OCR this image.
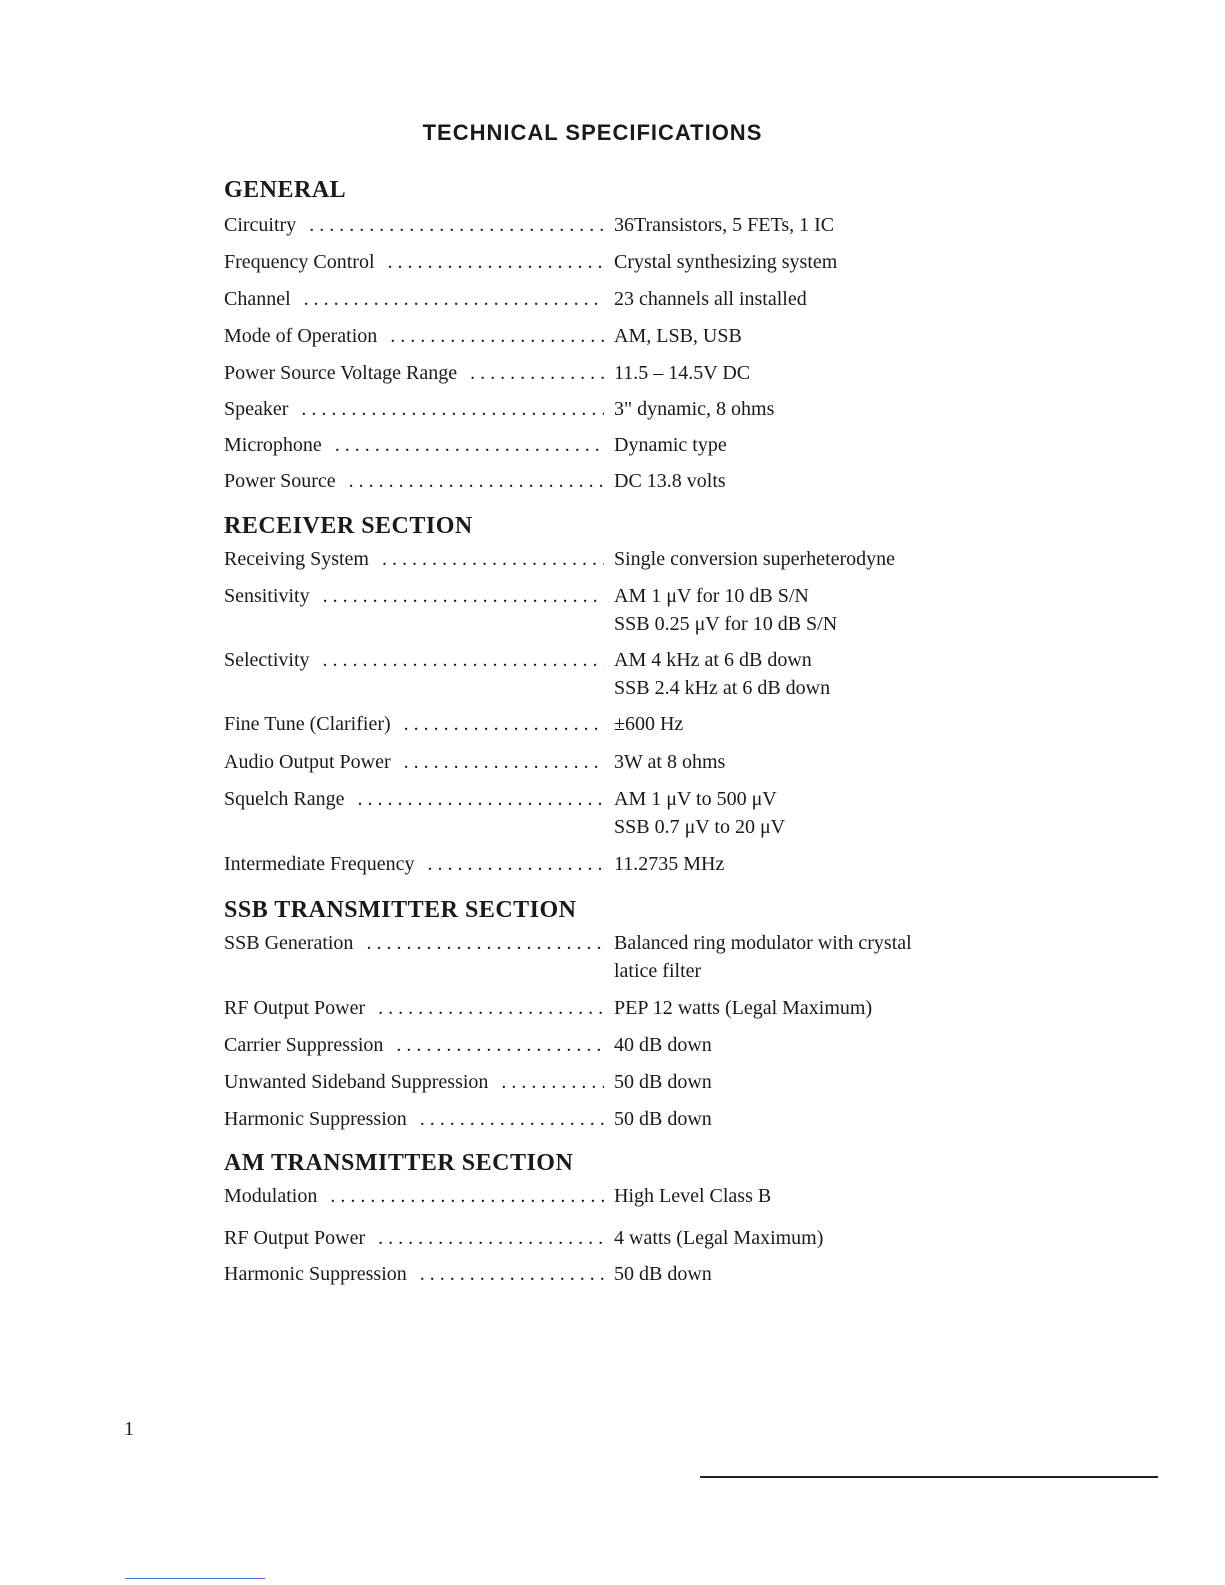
TECHNICAL SPECIFICATIONS
GENERAL
Circuitry . . .	36Transistors, 5 FETs, 1 IC
Frequency Control . . .	Crystal synthesizing system
Channel . . .	23 channels all installed
Mode of Operation . . .	AM, LSB, USB
Power Source Voltage Range . . .	11.5 – 14.5V DC
Speaker . . .	3" dynamic, 8 ohms
Microphone . . .	Dynamic type
Power Source . . .	DC 13.8 volts
RECEIVER SECTION
Receiving System . . .	Single conversion superheterodyne
Sensitivity . . .	AM 1 μV for 10 dB S/N
SSB 0.25 μV for 10 dB S/N
Selectivity . . .	AM 4 kHz at 6 dB down
SSB 2.4 kHz at 6 dB down
Fine Tune (Clarifier) . . .	±600 Hz
Audio Output Power . . .	3W at 8 ohms
Squelch Range . . .	AM 1 μV to 500 μV
SSB 0.7 μV to 20 μV
Intermediate Frequency . . .	11.2735 MHz
SSB TRANSMITTER SECTION
SSB Generation . . .	Balanced ring modulator with crystal
latice filter
RF Output Power . . .	PEP 12 watts (Legal Maximum)
Carrier Suppression . . .	40 dB down
Unwanted Sideband Suppression . . .	50 dB down
Harmonic Suppression . . .	50 dB down
AM TRANSMITTER SECTION
Modulation . . .	High Level Class B
RF Output Power . . .	4 watts (Legal Maximum)
Harmonic Suppression . . .	50 dB down
1
